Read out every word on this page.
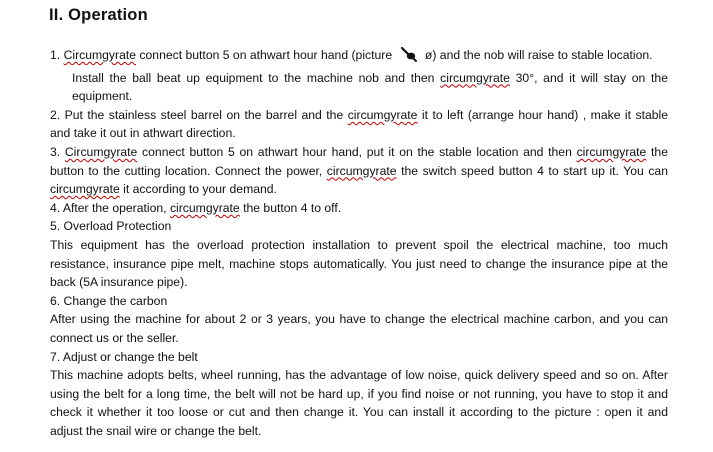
II. Operation

1. Circumgyrate connect button 5 on athwart hour hand (picture  ø) and the nob will raise to stable location.

Install the ball beat up equipment to the machine nob and then circumgyrate 30°, and it will stay on the equipment.

2. Put the stainless steel barrel on the barrel and the circumgyrate it to left (arrange hour hand) , make it stable and take it out in athwart direction.

3. Circumgyrate connect button 5 on athwart hour hand, put it on the stable location and then circumgyrate the button to the cutting location. Connect the power, circumgyrate the switch speed button 4 to start up it. You can circumgyrate it according to your demand.

4. After the operation, circumgyrate the button 4 to off.

5. Overload Protection

This equipment has the overload protection installation to prevent spoil the electrical machine, too much resistance, insurance pipe melt, machine stops automatically. You just need to change the insurance pipe at the back (5A insurance pipe).

6. Change the carbon

After using the machine for about 2 or 3 years, you have to change the electrical machine carbon, and you can connect us or the seller.

7. Adjust or change the belt

This machine adopts belts, wheel running, has the advantage of low noise, quick delivery speed and so on. After using the belt for a long time, the belt will not be hard up, if you find noise or not running, you have to stop it and check it whether it too loose or cut and then change it. You can install it according to the picture : open it and adjust the snail wire or change the belt.
